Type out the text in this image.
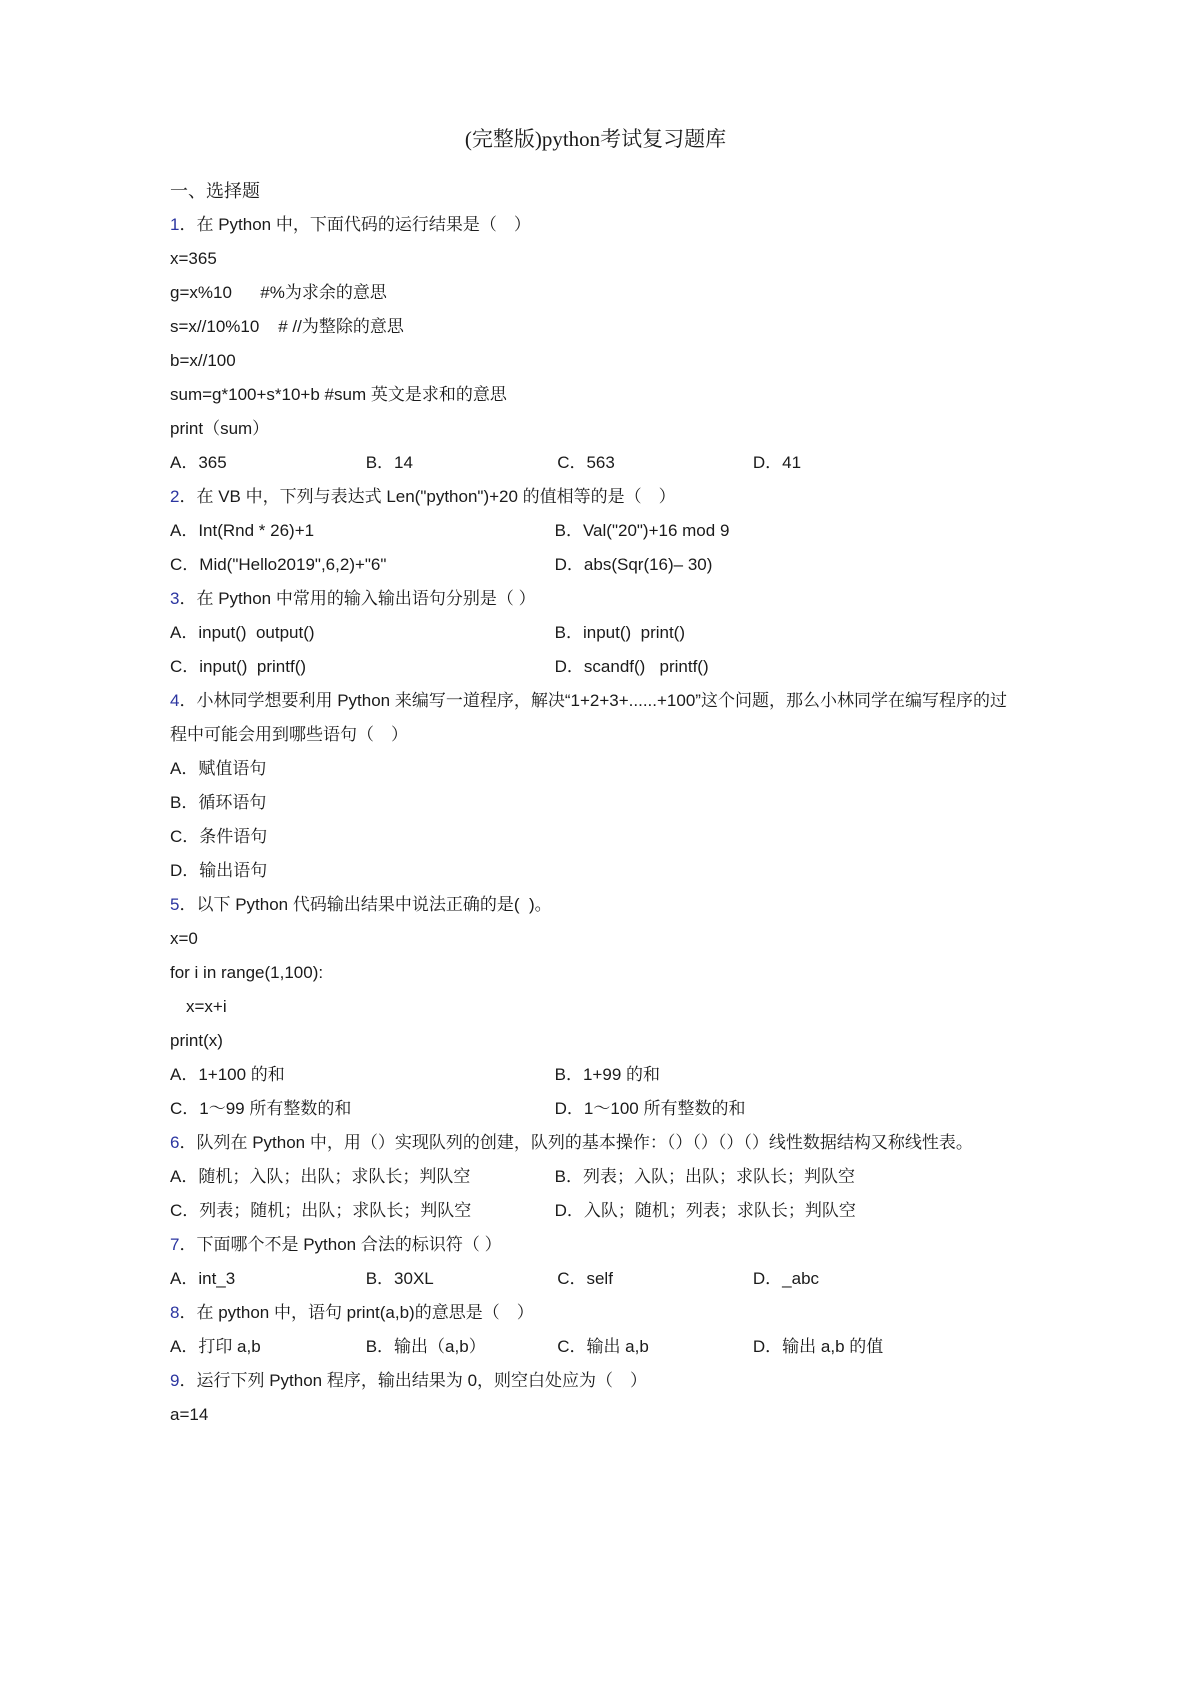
(完整版)python考试复习题库
一、选择题
1．在 Python 中，下面代码的运行结果是（　）
x=365
g=x%10      #%为求余的意思
s=x//10%10    # //为整除的意思
b=x//100
sum=g*100+s*10+b #sum 英文是求和的意思
print（sum）
A．365	B．14	C．563	D．41
2．在 VB 中，下列与表达式 Len("python")+20 的值相等的是（　）
A．Int(Rnd * 26)+1	B．Val("20")+16 mod 9
C．Mid("Hello2019",6,2)+"6"	D．abs(Sqr(16)– 30)
3．在 Python 中常用的输入输出语句分别是（ ）
A．input()  output()	B．input()  print()
C．input()  printf()	D．scandf()   printf()
4．小林同学想要利用 Python 来编写一道程序，解决“1+2+3+......+100”这个问题，那么小林同学在编写程序的过程中可能会用到哪些语句（　）
A．赋值语句
B．循环语句
C．条件语句
D．输出语句
5．以下 Python 代码输出结果中说法正确的是(  )。
x=0
for i in range(1,100):
x=x+i
print(x)
A．1+100 的和	B．1+99 的和
C．1～99 所有整数的和	D．1～100 所有整数的和
6．队列在 Python 中，用（）实现队列的创建，队列的基本操作：（）（）（）（）线性数据结构又称线性表。
A．随机；入队；出队；求队长；判队空	B．列表；入队；出队；求队长；判队空
C．列表；随机；出队；求队长；判队空	D．入队；随机；列表；求队长；判队空
7．下面哪个不是 Python 合法的标识符（ ）
A．int_3	B．30XL	C．self	D．_abc
8．在 python 中，语句 print(a,b)的意思是（　）
A．打印 a,b	B．输出（a,b）	C．输出 a,b	D．输出 a,b 的值
9．运行下列 Python 程序，输出结果为 0，则空白处应为（　）
a=14
